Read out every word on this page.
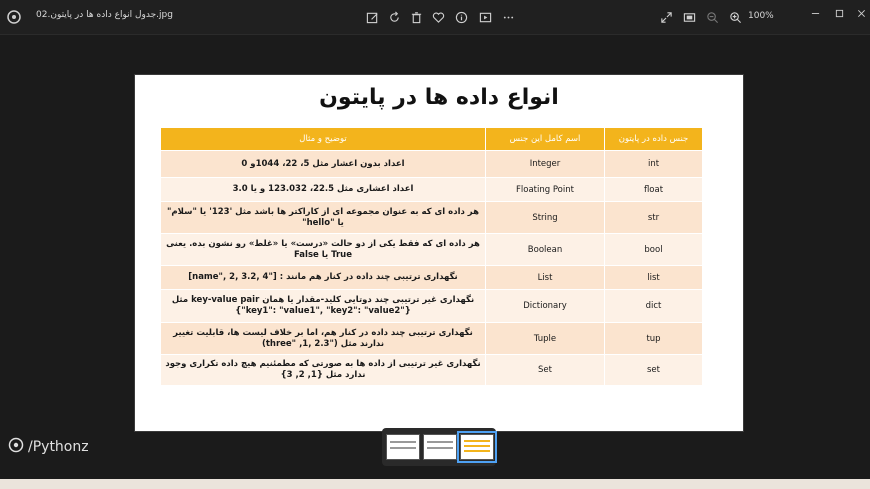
02.جدول انواع داده ها در پایتون.jpg	100%
انواع داده ها در پایتون
توضیح و مثال	اسم کامل این جنس	جنس داده در پایتون
اعداد بدون اعشار مثل 5، 22، 1044و 0	Integer	int
اعداد اعشاری مثل 22.5، 123.032 و یا 3.0	Floating Point	float
هر داده ای که به عنوان مجموعه ای از کاراکتر ها باشد مثل '123' یا "سلام" یا "hello"	String	str
هر داده ای که فقط یکی از دو حالت «درست» یا «غلط» رو نشون بده. یعنی True یا False	Boolean	bool
نگهداری ترتیبی چند داده در کنار هم مانند : ["name", 2, 3.2, 4]	List	list
نگهداری غیر ترتیبی چند دوتایی کلید-مقدار یا همان key-value pair مثل {"key1": "value1", "key2": "value2"}	Dictionary	dict
نگهداری ترتیبی چند داده در کنار هم، اما بر خلاف لیست ها، قابلیت تغییر ندارند مثل ("three" ,1, 2.3)	Tuple	tup
نگهداری غیر ترتیبی از داده ها به صورتی که مطمئنیم هیچ داده تکراری وجود ندارد مثل {1, 2, 3}	Set	set
/Pythonz
